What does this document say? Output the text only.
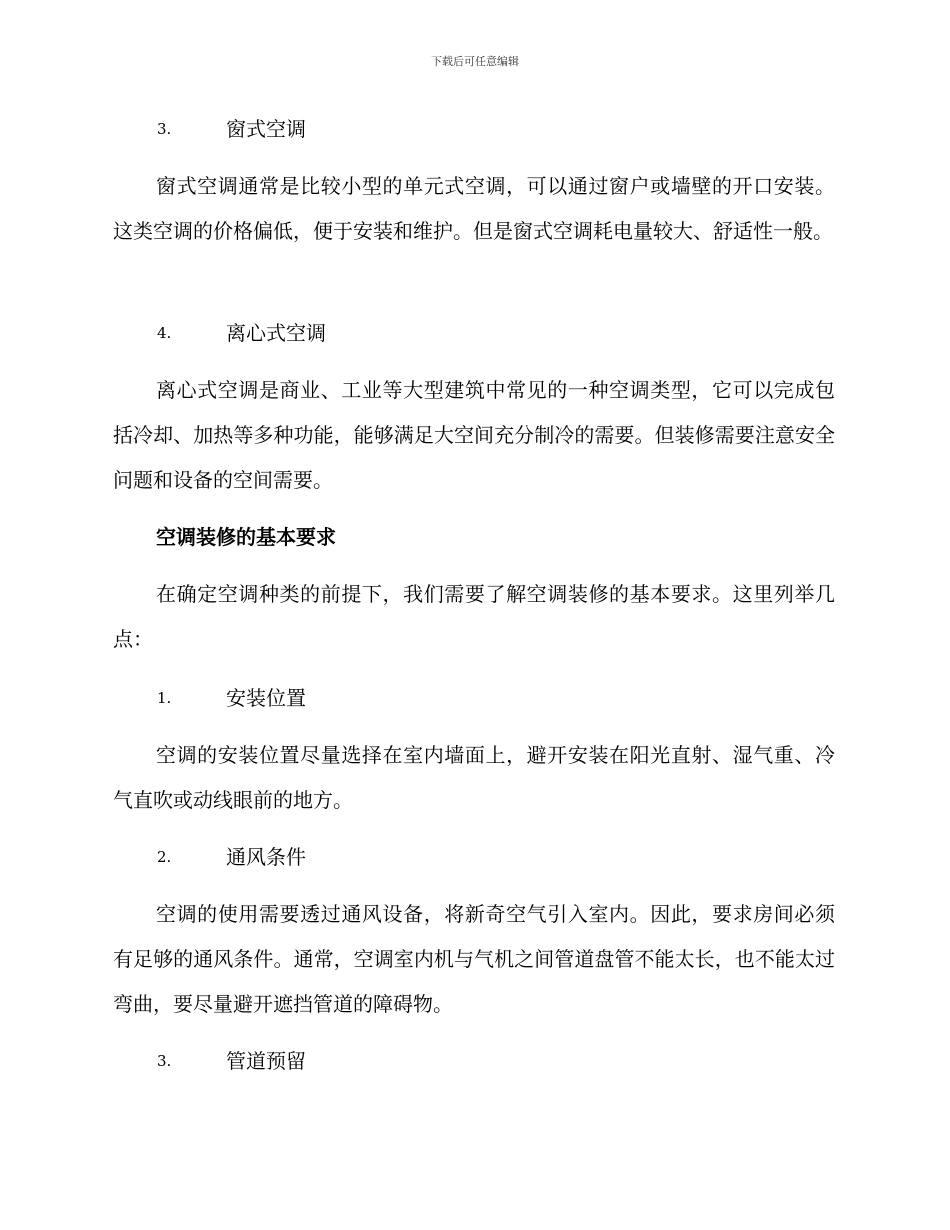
下载后可任意编辑
3.	窗式空调

窗式空调通常是比较小型的单元式空调，可以通过窗户或墙壁的开口安装。这类空调的价格偏低，便于安装和维护。但是窗式空调耗电量较大、舒适性一般。

4.	离心式空调

离心式空调是商业、工业等大型建筑中常见的一种空调类型，它可以完成包括冷却、加热等多种功能，能够满足大空间充分制冷的需要。但装修需要注意安全问题和设备的空间需要。

空调装修的基本要求

在确定空调种类的前提下，我们需要了解空调装修的基本要求。这里列举几点：

1.	安装位置

空调的安装位置尽量选择在室内墙面上，避开安装在阳光直射、湿气重、冷气直吹或动线眼前的地方。

2.	通风条件

空调的使用需要透过通风设备，将新奇空气引入室内。因此，要求房间必须有足够的通风条件。通常，空调室内机与气机之间管道盘管不能太长，也不能太过弯曲，要尽量避开遮挡管道的障碍物。

3.	管道预留
